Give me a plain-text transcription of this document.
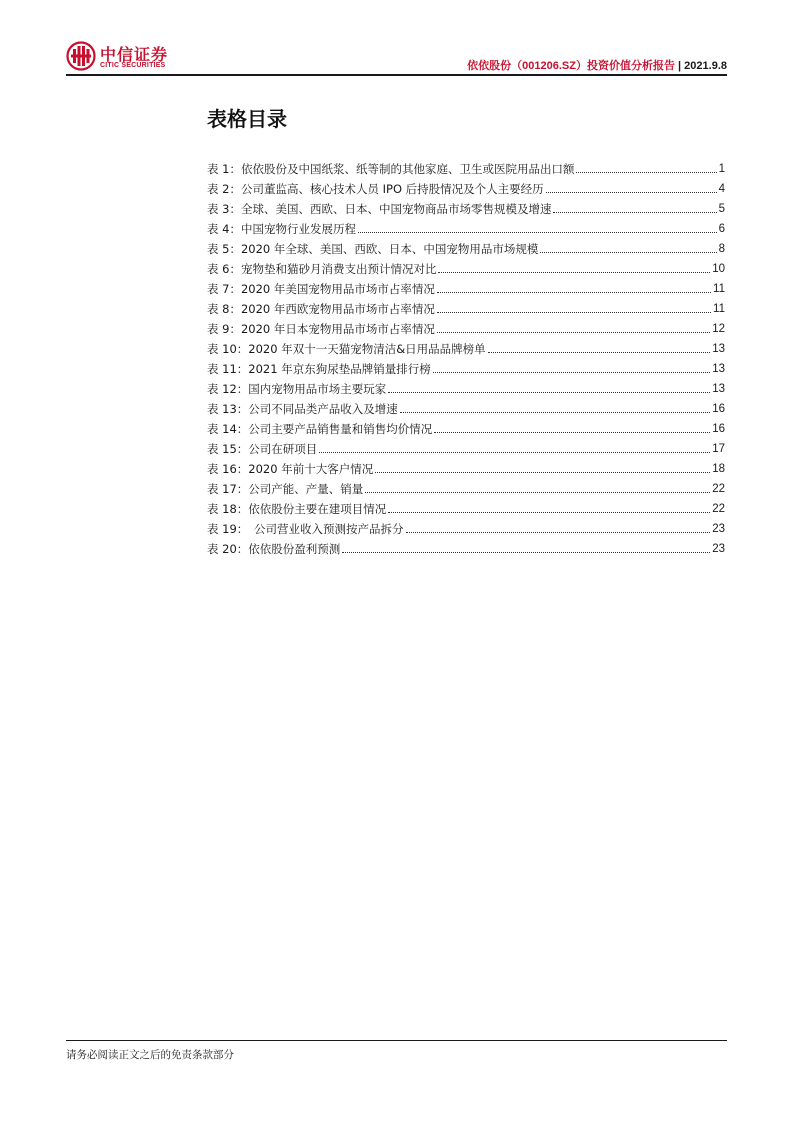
中信证券
CITIC SECURITIES	依依股份（001206.SZ）投资价值分析报告 | 2021.9.8
表格目录
表 1：依依股份及中国纸浆、纸等制的其他家庭、卫生或医院用品出口额	1
表 2：公司董监高、核心技术人员 IPO 后持股情况及个人主要经历	4
表 3：全球、美国、西欧、日本、中国宠物商品市场零售规模及增速	5
表 4：中国宠物行业发展历程	6
表 5：2020 年全球、美国、西欧、日本、中国宠物用品市场规模	8
表 6：宠物垫和猫砂月消费支出预计情况对比	10
表 7：2020 年美国宠物用品市场市占率情况	11
表 8：2020 年西欧宠物用品市场市占率情况	11
表 9：2020 年日本宠物用品市场市占率情况	12
表 10：2020 年双十一天猫宠物清洁&日用品品牌榜单	13
表 11：2021 年京东狗尿垫品牌销量排行榜	13
表 12：国内宠物用品市场主要玩家	13
表 13：公司不同品类产品收入及增速	16
表 14：公司主要产品销售量和销售均价情况	16
表 15：公司在研项目	17
表 16：2020 年前十大客户情况	18
表 17：公司产能、产量、销量	22
表 18：依依股份主要在建项目情况	22
表 19：　公司营业收入预测按产品拆分	23
表 20：依依股份盈利预测	23
请务必阅读正文之后的免责条款部分
